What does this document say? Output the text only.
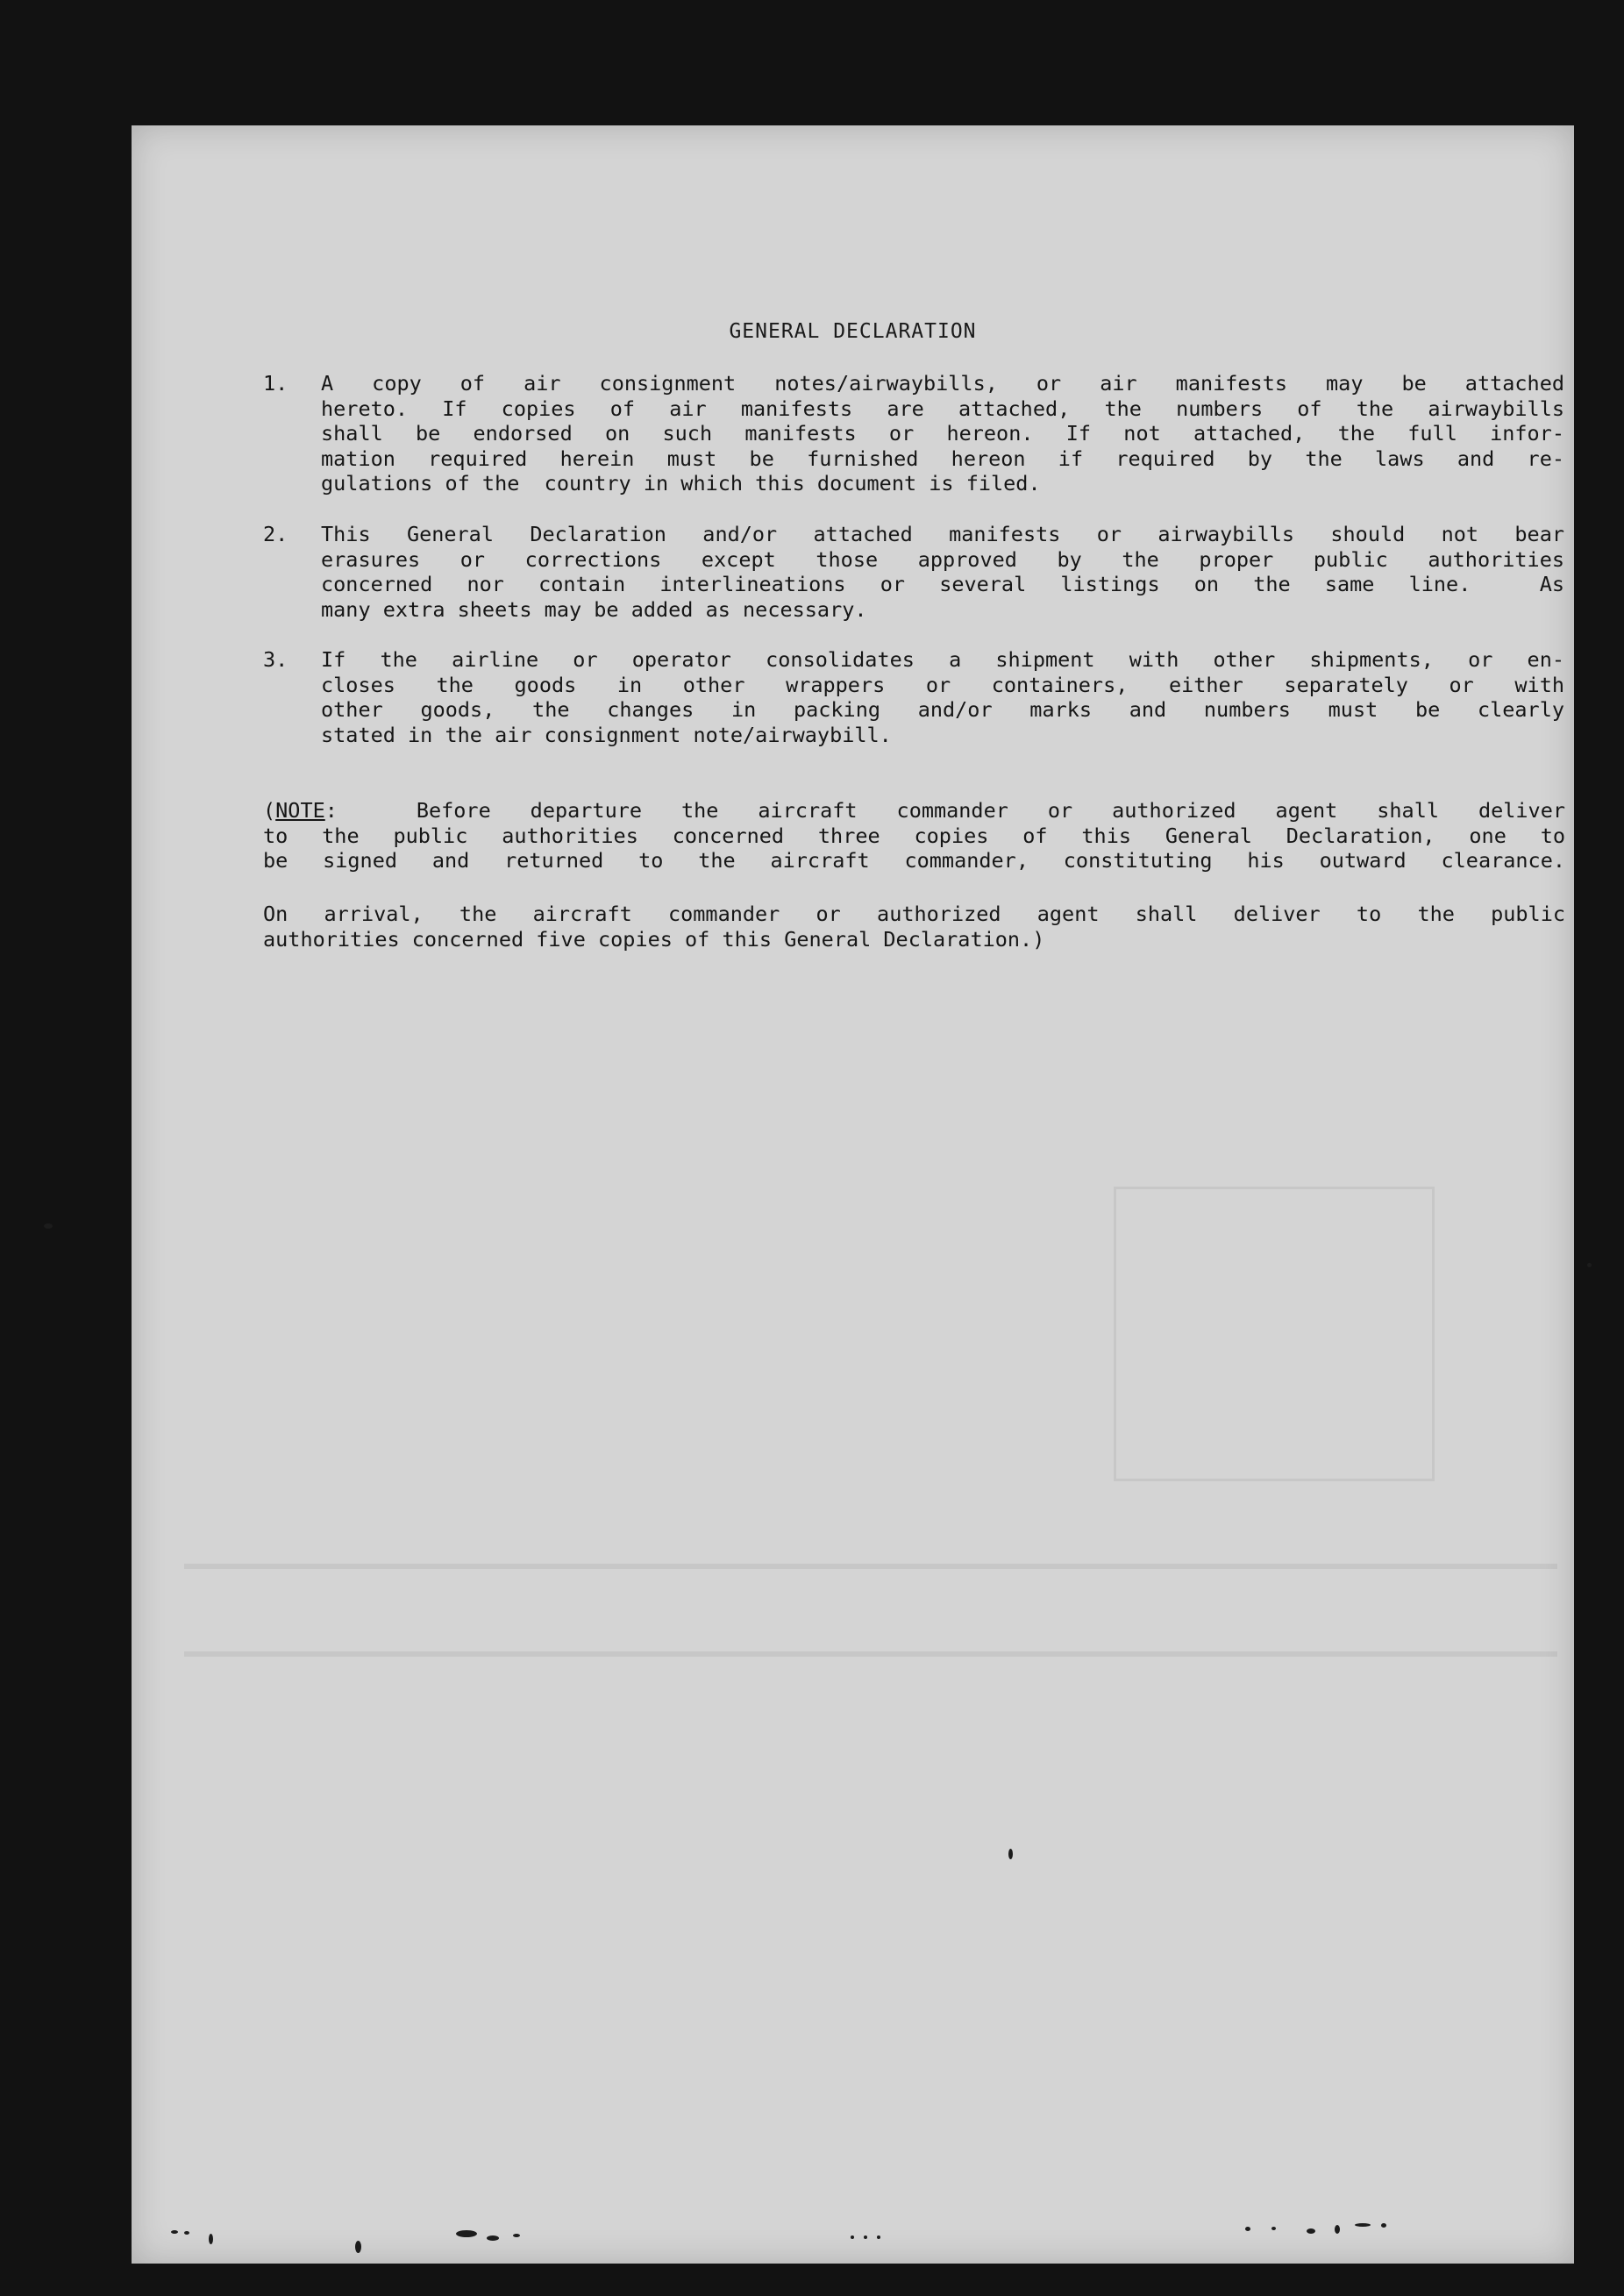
GENERAL DECLARATION
1.	A copy of air consignment notes/airwaybills, or air manifests may be attached
hereto. If copies of air manifests are attached, the numbers of the airwaybills
shall be endorsed on such manifests or hereon. If not attached, the full infor-
mation required herein must be furnished hereon if required by the laws and re-
gulations of the  country in which this document is filed.
2.	This General Declaration and/or attached manifests or airwaybills should not bear
erasures or corrections except those approved by the proper public authorities
concerned nor contain interlineations or several listings on the same line.  As
many extra sheets may be added as necessary.
3.	If the airline or operator consolidates a shipment with other shipments, or en-
closes the goods in other wrappers or containers, either separately or with
other goods, the changes in packing and/or marks and numbers must be clearly
stated in the air consignment note/airwaybill.
(NOTE:  Before departure the aircraft commander or authorized agent shall deliver
to the public authorities concerned three copies of this General Declaration, one to
be signed and returned to the aircraft commander, constituting his outward clearance.
On arrival, the aircraft commander or authorized agent shall deliver to the public
authorities concerned five copies of this General Declaration.)
